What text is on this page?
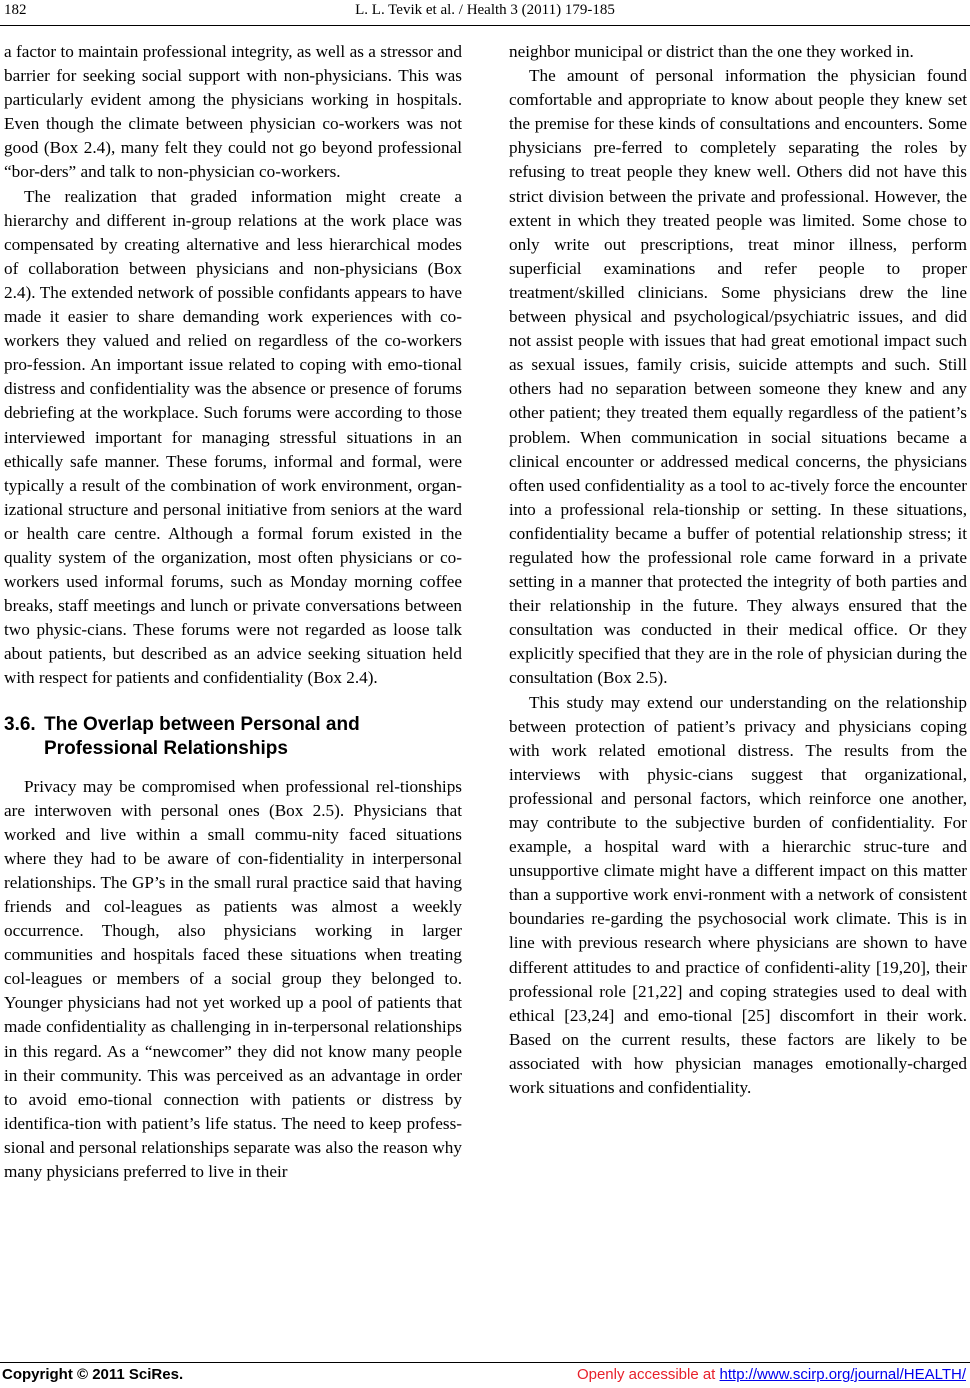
182	L. L. Tevik et al. / Health 3 (2011) 179-185

a factor to maintain professional integrity, as well as a stressor and barrier for seeking social support with non-physicians. This was particularly evident among the physicians working in hospitals. Even though the climate between physician co-workers was not good (Box 2.4), many felt they could not go beyond professional “bor-ders” and talk to non-physician co-workers.

The realization that graded information might create a hierarchy and different in-group relations at the work place was compensated by creating alternative and less hierarchical modes of collaboration between physicians and non-physicians (Box 2.4). The extended network of possible confidants appears to have made it easier to share demanding work experiences with co-workers they valued and relied on regardless of the co-workers pro-fession. An important issue related to coping with emo-tional distress and confidentiality was the absence or presence of forums debriefing at the workplace. Such forums were according to those interviewed important for managing stressful situations in an ethically safe manner. These forums, informal and formal, were typically a result of the combination of work environment, organ-izational structure and personal initiative from seniors at the ward or health care centre. Although a formal forum existed in the quality system of the organization, most often physicians or co-workers used informal forums, such as Monday morning coffee breaks, staff meetings and lunch or private conversations between two physic-cians. These forums were not regarded as loose talk about patients, but described as an advice seeking situation held with respect for patients and confidentiality (Box 2.4).

3.6. The Overlap between Personal and Professional Relationships

Privacy may be compromised when professional rel-tionships are interwoven with personal ones (Box 2.5). Physicians that worked and live within a small commu-nity faced situations where they had to be aware of con-fidentiality in interpersonal relationships. The GP’s in the small rural practice said that having friends and col-leagues as patients was almost a weekly occurrence. Though, also physicians working in larger communities and hospitals faced these situations when treating col-leagues or members of a social group they belonged to. Younger physicians had not yet worked up a pool of patients that made confidentiality as challenging in in-terpersonal relationships in this regard. As a “newcomer” they did not know many people in their community. This was perceived as an advantage in order to avoid emo-tional connection with patients or distress by identifica-tion with patient’s life status. The need to keep profess-sional and personal relationships separate was also the reason why many physicians preferred to live in their

neighbor municipal or district than the one they worked in.

The amount of personal information the physician found comfortable and appropriate to know about people they knew set the premise for these kinds of consultations and encounters. Some physicians pre-ferred to completely separating the roles by refusing to treat people they knew well. Others did not have this strict division between the private and professional. However, the extent in which they treated people was limited. Some chose to only write out prescriptions, treat minor illness, perform superficial examinations and refer people to proper treatment/skilled clinicians. Some physicians drew the line between physical and psychological/psychiatric issues, and did not assist people with issues that had great emotional impact such as sexual issues, family crisis, suicide attempts and such. Still others had no separation between someone they knew and any other patient; they treated them equally regardless of the patient’s problem. When communication in social situations became a clinical encounter or addressed medical concerns, the physicians often used confidentiality as a tool to ac-tively force the encounter into a professional rela-tionship or setting. In these situations, confidentiality became a buffer of potential relationship stress; it regulated how the professional role came forward in a private setting in a manner that protected the integrity of both parties and their relationship in the future. They always ensured that the consultation was conducted in their medical office. Or they explicitly specified that they are in the role of physician during the consultation (Box 2.5).

This study may extend our understanding on the relationship between protection of patient’s privacy and physicians coping with work related emotional distress. The results from the interviews with physic-cians suggest that organizational, professional and personal factors, which reinforce one another, may contribute to the subjective burden of confidentiality. For example, a hospital ward with a hierarchic struc-ture and unsupportive climate might have a different impact on this matter than a supportive work envi-ronment with a network of consistent boundaries re-garding the psychosocial work climate. This is in line with previous research where physicians are shown to have different attitudes to and practice of confidenti-ality [19,20], their professional role [21,22] and coping strategies used to deal with ethical [23,24] and emo-tional [25] discomfort in their work. Based on the current results, these factors are likely to be associated with how physician manages emotionally-charged work situations and confidentiality.

Copyright © 2011 SciRes.	Openly accessible at http://www.scirp.org/journal/HEALTH/
